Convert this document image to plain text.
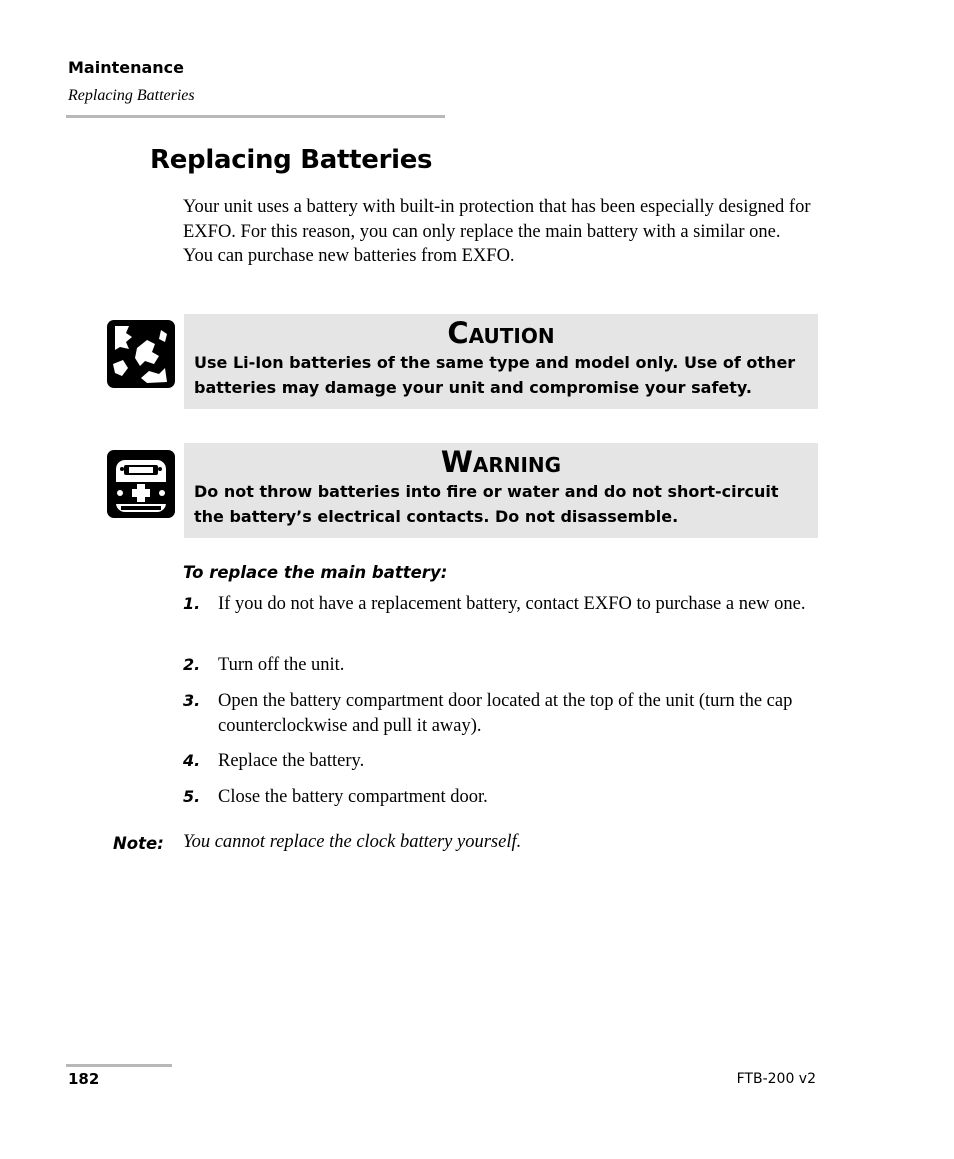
Maintenance
Replacing Batteries
Replacing Batteries

Your unit uses a battery with built-in protection that has been especially designed for EXFO. For this reason, you can only replace the main battery with a similar one.

You can purchase new batteries from EXFO.

Caution
Use Li-Ion batteries of the same type and model only. Use of other batteries may damage your unit and compromise your safety.
Warning
Do not throw batteries into fire or water and do not short-circuit the battery’s electrical contacts. Do not disassemble.
To replace the main battery:
1. If you do not have a replacement battery, contact EXFO to purchase a new one.
2. Turn off the unit.
3. Open the battery compartment door located at the top of the unit (turn the cap counterclockwise and pull it away).
4. Replace the battery.
5. Close the battery compartment door.
Note: You cannot replace the clock battery yourself.
182	FTB-200 v2
